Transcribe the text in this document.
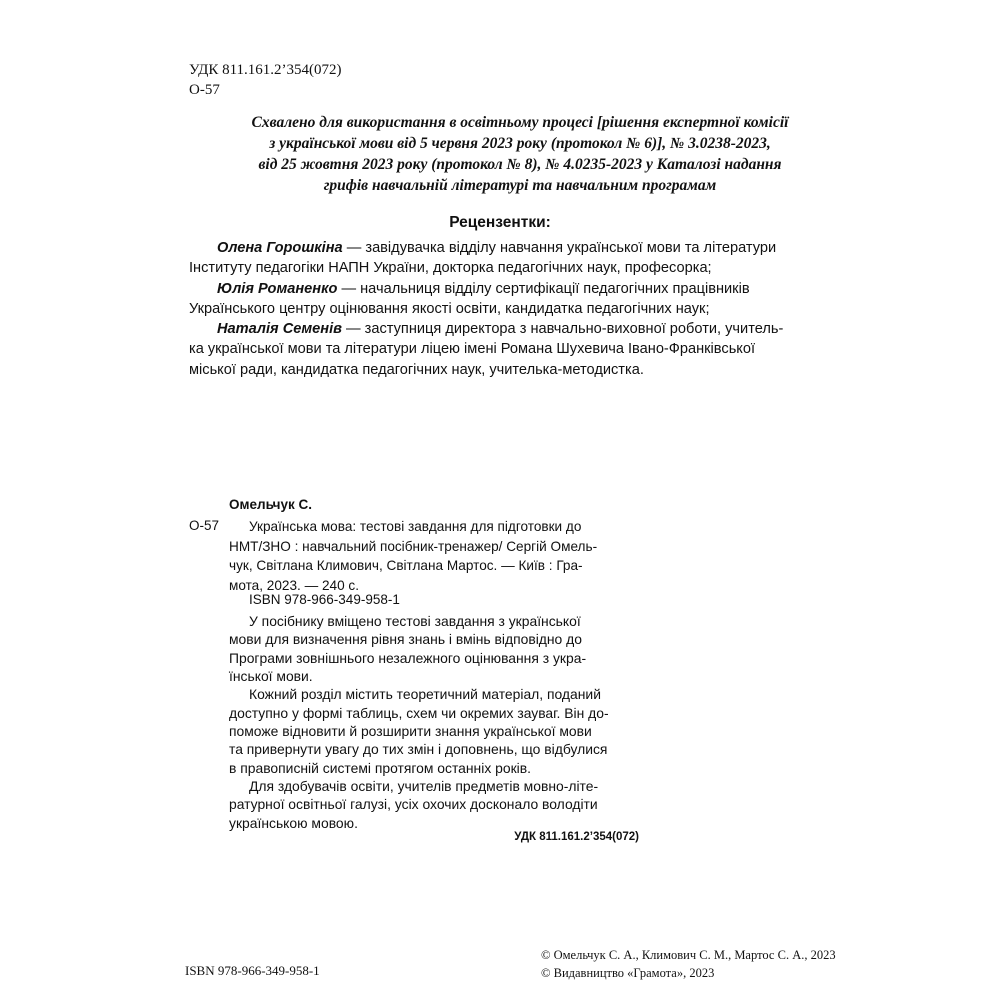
УДК 811.161.2’354(072)
О-57
Схвалено для використання в освітньому процесі [рішення експертної комісії
з української мови від 5 червня 2023 року (протокол № 6)], № 3.0238-2023,
від 25 жовтня 2023 року (протокол № 8), № 4.0235-2023 у Каталозі надання
грифів навчальній літературі та навчальним програмам
Рецензентки:
Олена Горошкіна — завідувачка відділу навчання української мови та літератури
Інституту педагогіки НАПН України, докторка педагогічних наук, професорка;
Юлія Романенко — начальниця відділу сертифікації педагогічних працівників
Українського центру оцінювання якості освіти, кандидатка педагогічних наук;
Наталія Семенів — заступниця директора з навчально-виховної роботи, учитель-
ка української мови та літератури ліцею імені Романа Шухевича Івано-Франківської
міської ради, кандидатка педагогічних наук, учителька-методистка.
Омельчук С.
О-57	Українська мова: тестові завдання для підготовки до
НМТ/ЗНО : навчальний посібник-тренажер/ Сергій Омель-
чук, Світлана Климович, Світлана Мартос. — Київ : Гра-
мота, 2023. — 240 с.
ISBN 978-966-349-958-1
У посібнику вміщено тестові завдання з української
мови для визначення рівня знань і вмінь відповідно до
Програми зовнішнього незалежного оцінювання з укра-
їнської мови.
Кожний розділ містить теоретичний матеріал, поданий
доступно у формі таблиць, схем чи окремих зауваг. Він до-
поможе відновити й розширити знання української мови
та привернути увагу до тих змін і доповнень, що відбулися
в правописній системі протягом останніх років.
Для здобувачів освіти, учителів предметів мовно-літе-
ратурної освітньої галузі, усіх охочих досконало володіти
українською мовою.
УДК 811.161.2’354(072)
ISBN 978-966-349-958-1
© Омельчук С. А., Климович С. М., Мартос С. А., 2023
© Видавництво «Грамота», 2023
